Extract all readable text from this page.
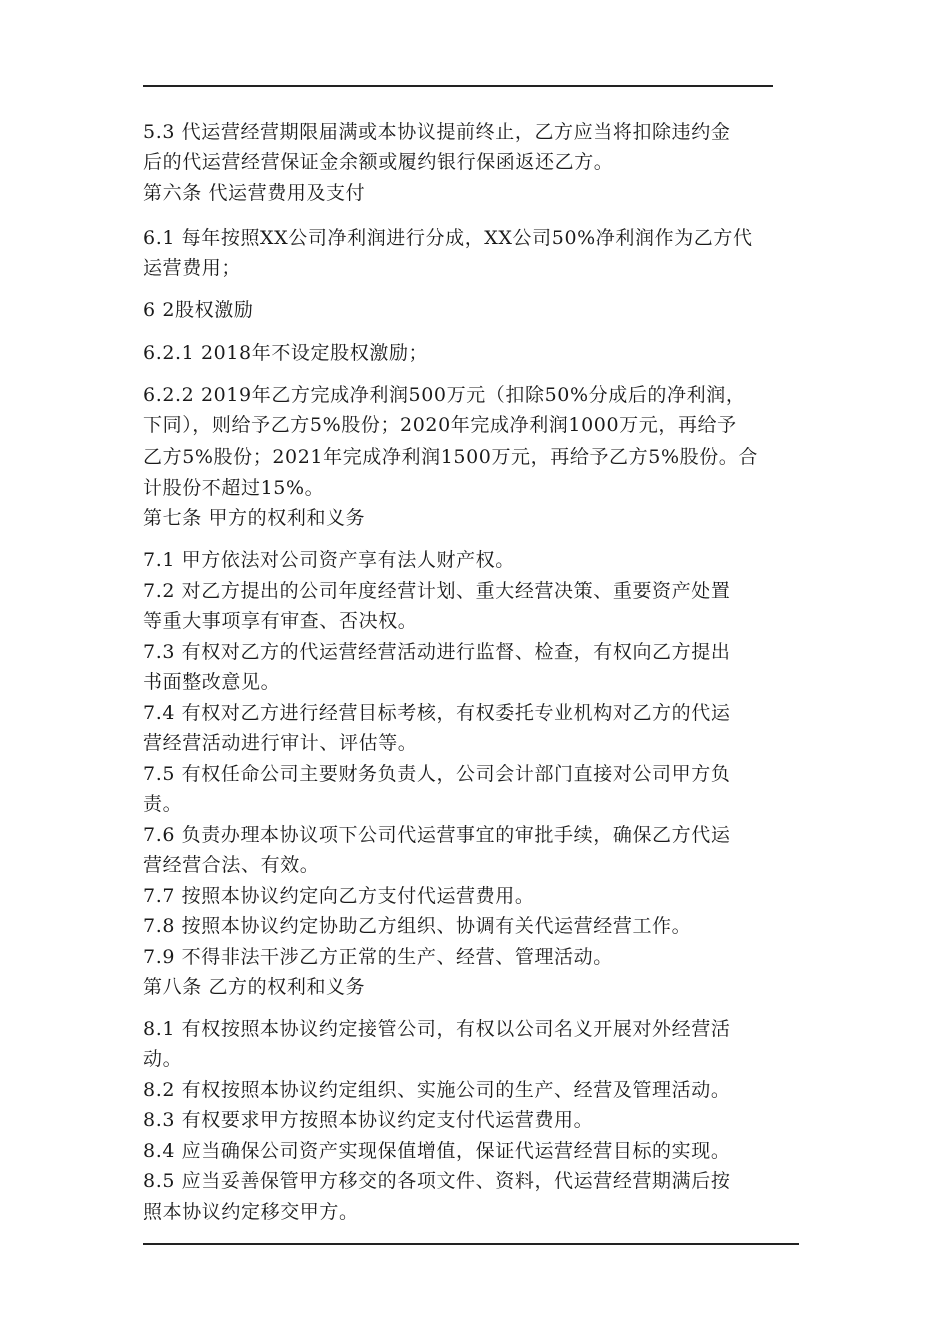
5.3 代运营经营期限届满或本协议提前终止，乙方应当将扣除违约金
后的代运营经营保证金余额或履约银行保函返还乙方。
第六条 代运营费用及支付
6.1 每年按照XX公司净利润进行分成，XX公司50%净利润作为乙方代
运营费用；
6 2股权激励
6.2.1 2018年不设定股权激励；
6.2.2 2019年乙方完成净利润500万元（扣除50%分成后的净利润，
下同），则给予乙方5%股份；2020年完成净利润1000万元，再给予
乙方5%股份；2021年完成净利润1500万元，再给予乙方5%股份。合
计股份不超过15%。
第七条 甲方的权利和义务
7.1 甲方依法对公司资产享有法人财产权。
7.2 对乙方提出的公司年度经营计划、重大经营决策、重要资产处置
等重大事项享有审查、否决权。
7.3 有权对乙方的代运营经营活动进行监督、检查，有权向乙方提出
书面整改意见。
7.4 有权对乙方进行经营目标考核，有权委托专业机构对乙方的代运
营经营活动进行审计、评估等。
7.5 有权任命公司主要财务负责人，公司会计部门直接对公司甲方负
责。
7.6 负责办理本协议项下公司代运营事宜的审批手续，确保乙方代运
营经营合法、有效。
7.7 按照本协议约定向乙方支付代运营费用。
7.8 按照本协议约定协助乙方组织、协调有关代运营经营工作。
7.9 不得非法干涉乙方正常的生产、经营、管理活动。
第八条 乙方的权利和义务
8.1 有权按照本协议约定接管公司，有权以公司名义开展对外经营活
动。
8.2 有权按照本协议约定组织、实施公司的生产、经营及管理活动。
8.3 有权要求甲方按照本协议约定支付代运营费用。
8.4 应当确保公司资产实现保值增值，保证代运营经营目标的实现。
8.5 应当妥善保管甲方移交的各项文件、资料，代运营经营期满后按
照本协议约定移交甲方。
